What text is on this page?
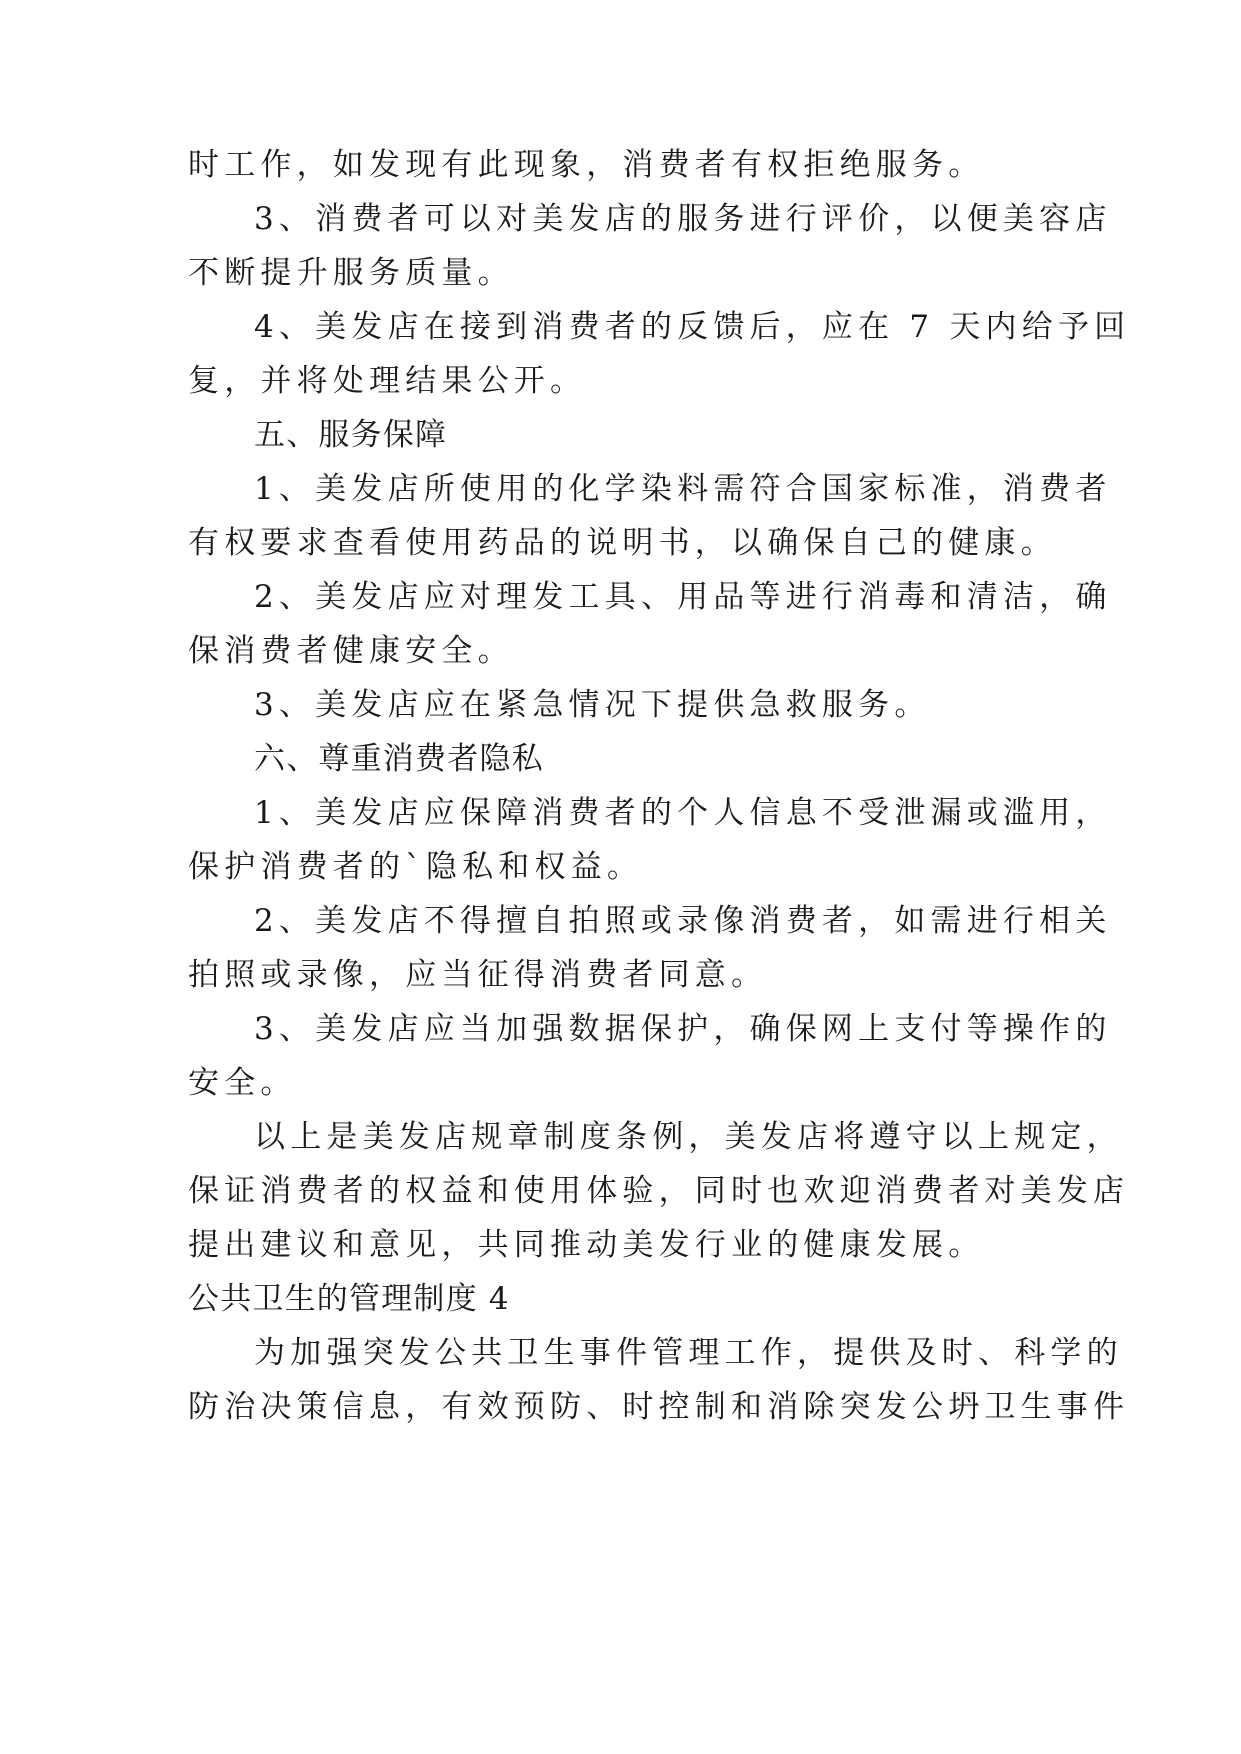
时工作，如发现有此现象，消费者有权拒绝服务。
3、消费者可以对美发店的服务进行评价，以便美容店
不断提升服务质量。
4、美发店在接到消费者的反馈后，应在 7 天内给予回
复，并将处理结果公开。
五、服务保障
1、美发店所使用的化学染料需符合国家标准，消费者
有权要求查看使用药品的说明书，以确保自己的健康。
2、美发店应对理发工具、用品等进行消毒和清洁，确
保消费者健康安全。
3、美发店应在紧急情况下提供急救服务。
六、尊重消费者隐私
1、美发店应保障消费者的个人信息不受泄漏或滥用，
保护消费者的`隐私和权益。
2、美发店不得擅自拍照或录像消费者，如需进行相关
拍照或录像，应当征得消费者同意。
3、美发店应当加强数据保护，确保网上支付等操作的
安全。
以上是美发店规章制度条例，美发店将遵守以上规定，
保证消费者的权益和使用体验，同时也欢迎消费者对美发店
提出建议和意见，共同推动美发行业的健康发展。
公共卫生的管理制度 4
为加强突发公共卫生事件管理工作，提供及时、科学的
防治决策信息，有效预防、时控制和消除突发公坍卫生事件
